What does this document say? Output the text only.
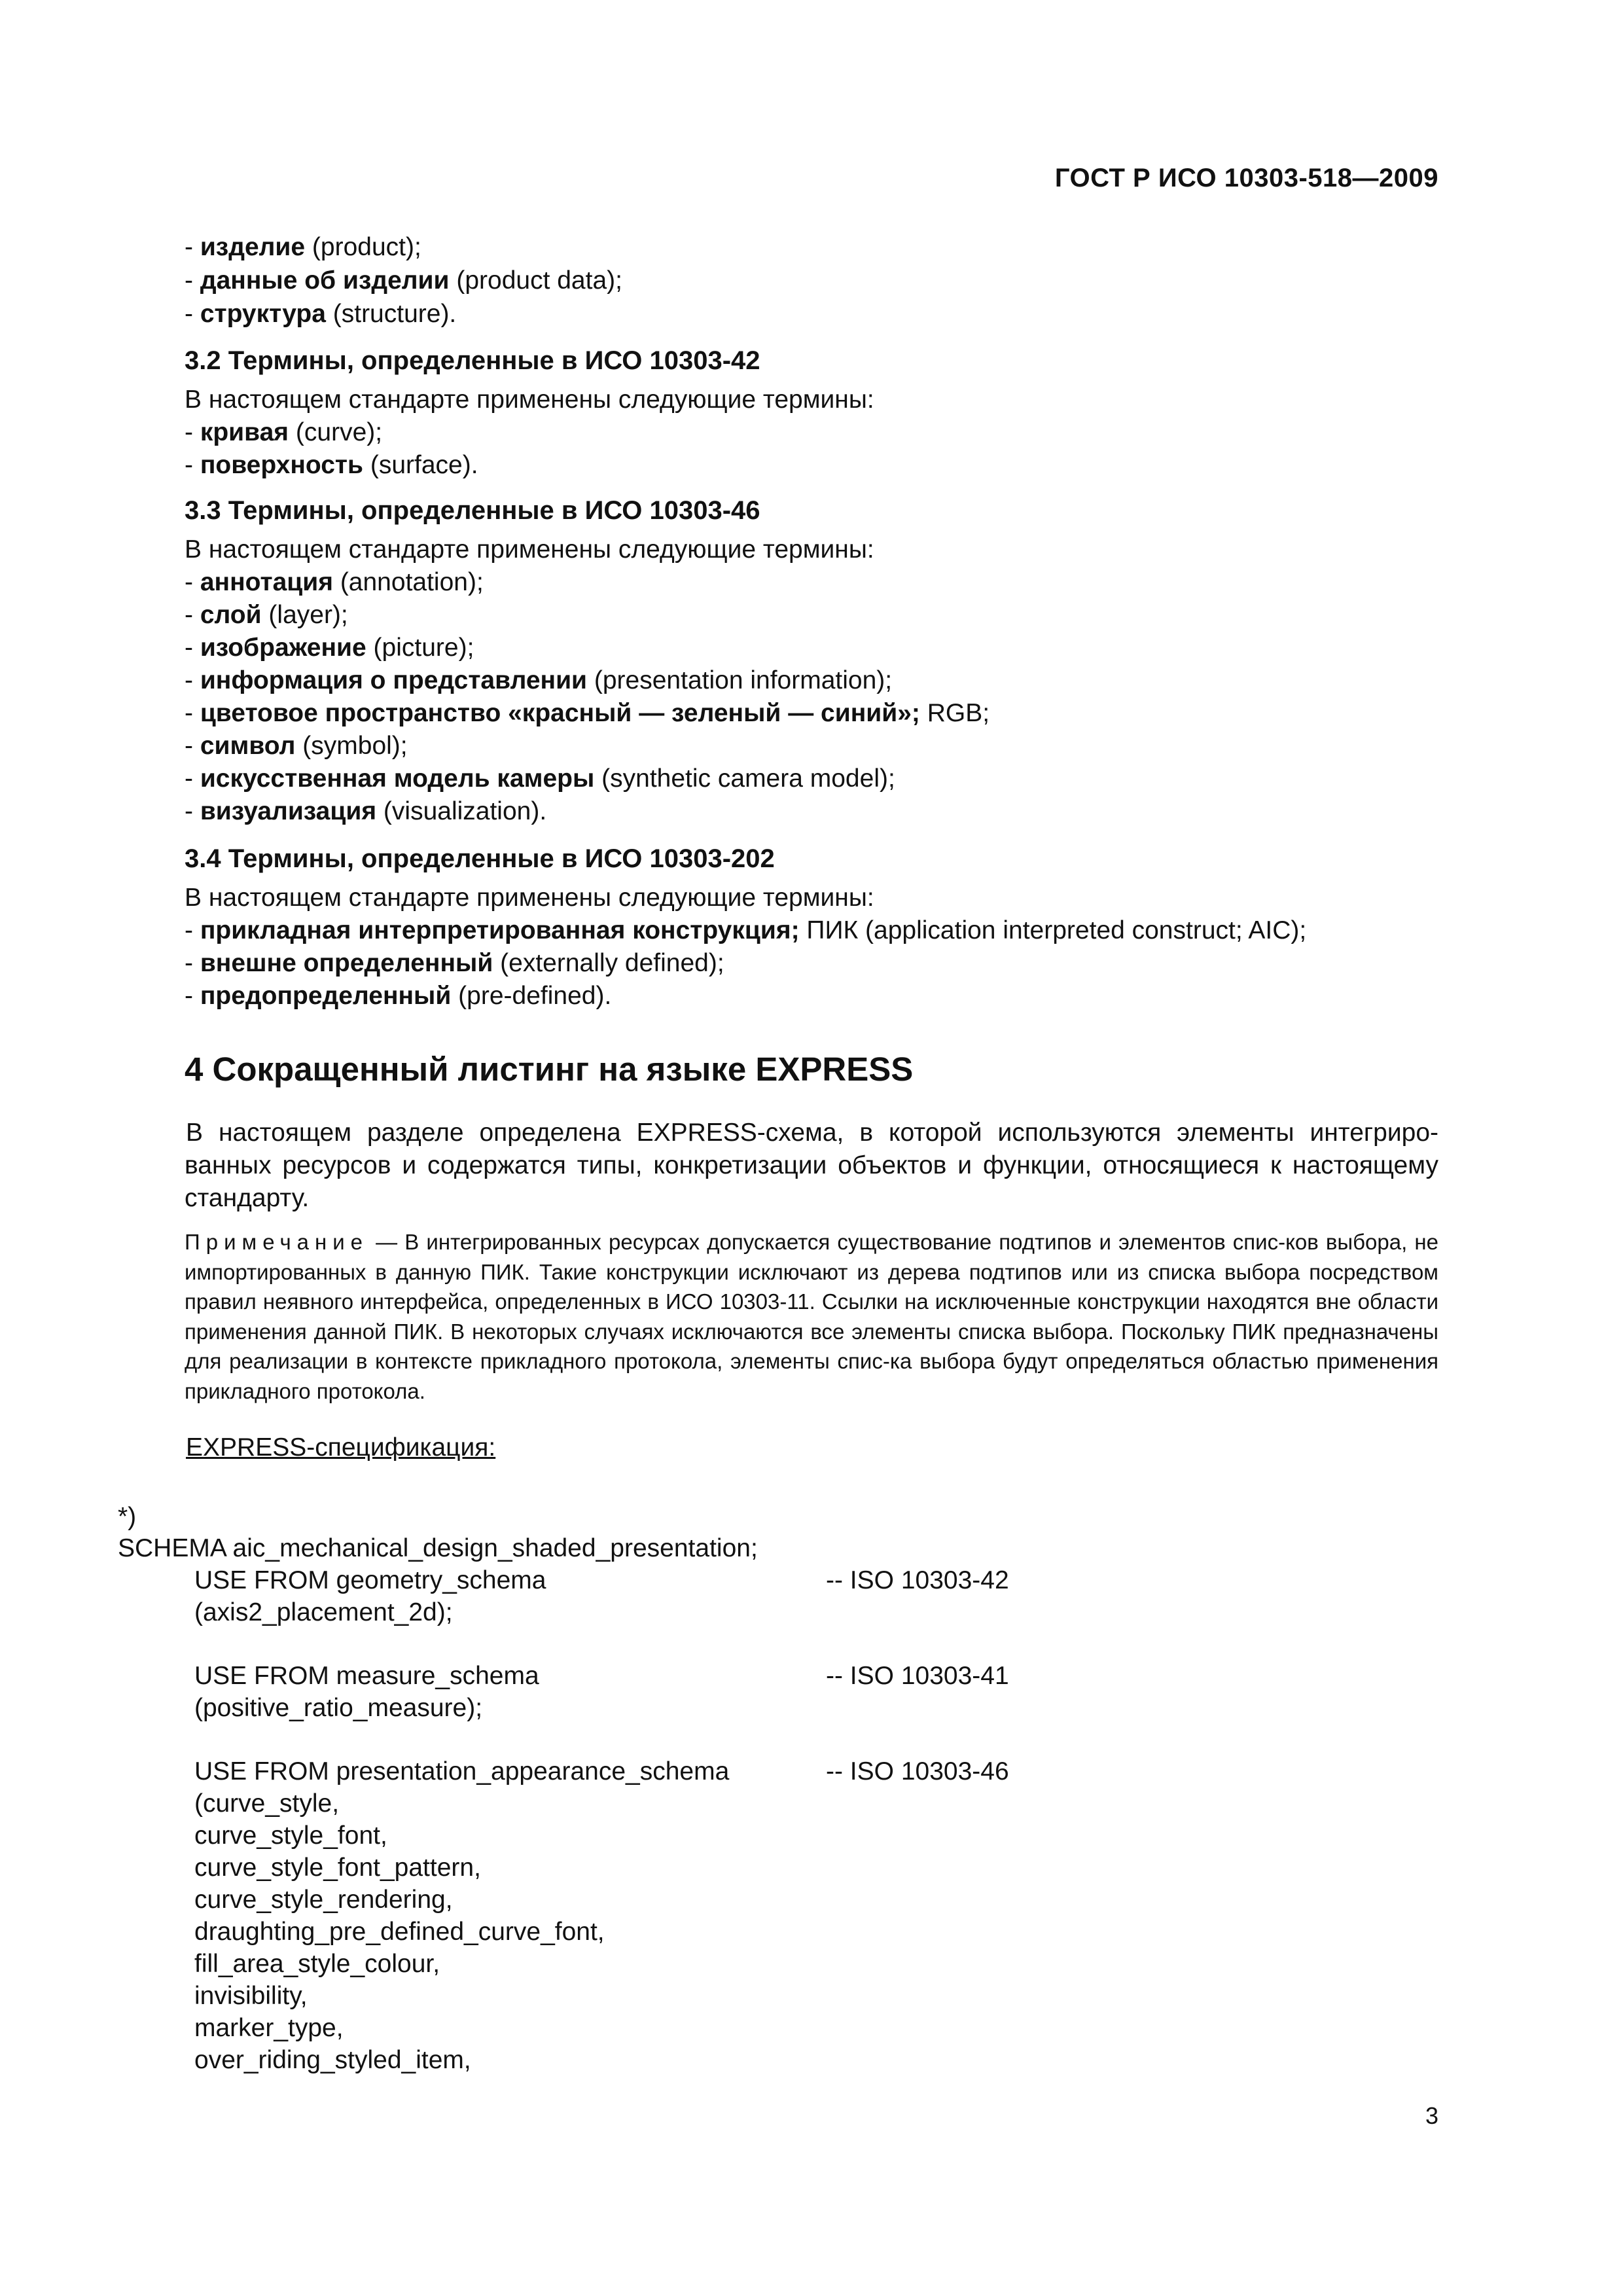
ГОСТ Р ИСО 10303-518—2009
- изделие (product);
- данные об изделии (product data);
- структура (structure).
3.2 Термины, определенные в ИСО 10303-42
В настоящем стандарте применены следующие термины:
- кривая (curve);
- поверхность (surface).
3.3 Термины, определенные в ИСО 10303-46
В настоящем стандарте применены следующие термины:
- аннотация (annotation);
- слой (layer);
- изображение (picture);
- информация о представлении (presentation information);
- цветовое пространство «красный — зеленый — синий»; RGB;
- символ (symbol);
- искусственная модель камеры (synthetic camera model);
- визуализация (visualization).
3.4 Термины, определенные в ИСО 10303-202
В настоящем стандарте применены следующие термины:
- прикладная интерпретированная конструкция; ПИК (application interpreted construct; AIC);
- внешне определенный (externally defined);
- предопределенный (pre-defined).
4 Сокращенный листинг на языке EXPRESS
В настоящем разделе определена EXPRESS-схема, в которой используются элементы интегриро-ванных ресурсов и содержатся типы, конкретизации объектов и функции, относящиеся к настоящему стандарту.
Примечание — В интегрированных ресурсах допускается существование подтипов и элементов спис-ков выбора, не импортированных в данную ПИК. Такие конструкции исключают из дерева подтипов или из списка выбора посредством правил неявного интерфейса, определенных в ИСО 10303-11. Ссылки на исключенные конструкции находятся вне области применения данной ПИК. В некоторых случаях исключаются все элементы списка выбора. Поскольку ПИК предназначены для реализации в контексте прикладного протокола, элементы спис-ка выбора будут определяться областью применения прикладного протокола.
EXPRESS-спецификация:
*)
SCHEMA aic_mechanical_design_shaded_presentation;
USE FROM geometry_schema	-- ISO 10303-42
(axis2_placement_2d);
USE FROM measure_schema	-- ISO 10303-41
(positive_ratio_measure);
USE FROM presentation_appearance_schema	-- ISO 10303-46
(curve_style,
curve_style_font,
curve_style_font_pattern,
curve_style_rendering,
draughting_pre_defined_curve_font,
fill_area_style_colour,
invisibility,
marker_type,
over_riding_styled_item,
3
